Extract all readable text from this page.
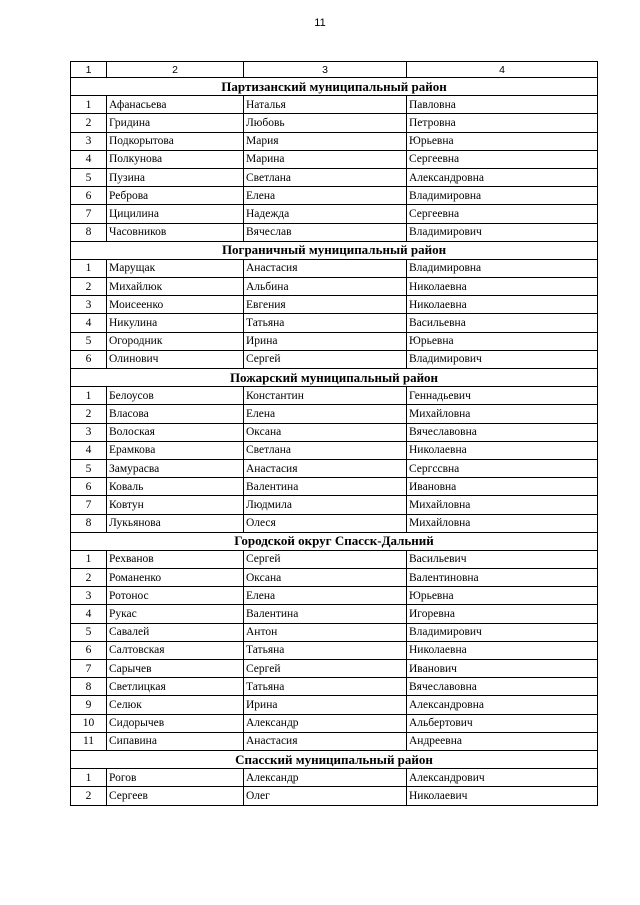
11
1	2	3	4
Партизанский муниципальный район			
1	Афанасьева	Наталья	Павловна
2	Гридина	Любовь	Петровна
3	Подкорытова	Мария	Юрьевна
4	Полкунова	Марина	Сергеевна
5	Пузина	Светлана	Александровна
6	Реброва	Елена	Владимировна
7	Цицилина	Надежда	Сергеевна
8	Часовников	Вячеслав	Владимирович
Пограничный муниципальный район			
1	Марущак	Анастасия	Владимировна
2	Михайлюк	Альбина	Николаевна
3	Моисеенко	Евгения	Николаевна
4	Никулина	Татьяна	Васильевна
5	Огородник	Ирина	Юрьевна
6	Олинович	Сергей	Владимирович
Пожарский муниципальный район			
1	Белоусов	Константин	Геннадьевич
2	Власова	Елена	Михайловна
3	Волоская	Оксана	Вячеславовна
4	Ерамкова	Светлана	Николаевна
5	Замурасва	Анастасия	Сергссвна
6	Коваль	Валентина	Ивановна
7	Ковтун	Людмила	Михайловна
8	Лукьянова	Олеся	Михайловна
Городской округ Спасск-Дальний			
1	Рехванов	Сергей	Васильевич
2	Романенко	Оксана	Валентиновна
3	Ротонос	Елена	Юрьевна
4	Рукас	Валентина	Игоревна
5	Савалей	Антон	Владимирович
6	Салтовская	Татьяна	Николаевна
7	Сарычев	Сергей	Иванович
8	Светлицкая	Татьяна	Вячеславовна
9	Селюк	Ирина	Александровна
10	Сидорычев	Александр	Альбертович
11	Сипавина	Анастасия	Андреевна
Спасский муниципальный район			
1	Рогов	Александр	Александрович
2	Сергеев	Олег	Николаевич
